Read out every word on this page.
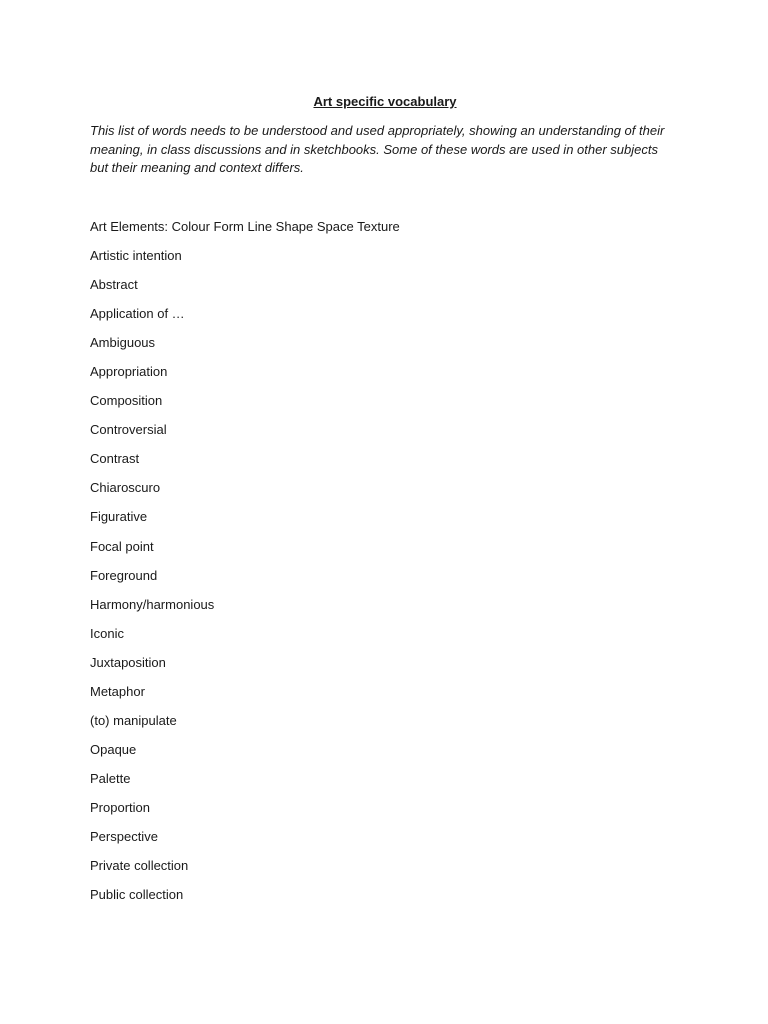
Art specific vocabulary

This list of words needs to be understood and used appropriately, showing an understanding of their meaning, in class discussions and in sketchbooks. Some of these words are used in other subjects but their meaning and context differs.

Art Elements: Colour Form Line Shape Space Texture
Artistic intention
Abstract
Application of …
Ambiguous
Appropriation
Composition
Controversial
Contrast
Chiaroscuro
Figurative
Focal point
Foreground
Harmony/harmonious
Iconic
Juxtaposition
Metaphor
(to) manipulate
Opaque
Palette
Proportion
Perspective
Private collection
Public collection
